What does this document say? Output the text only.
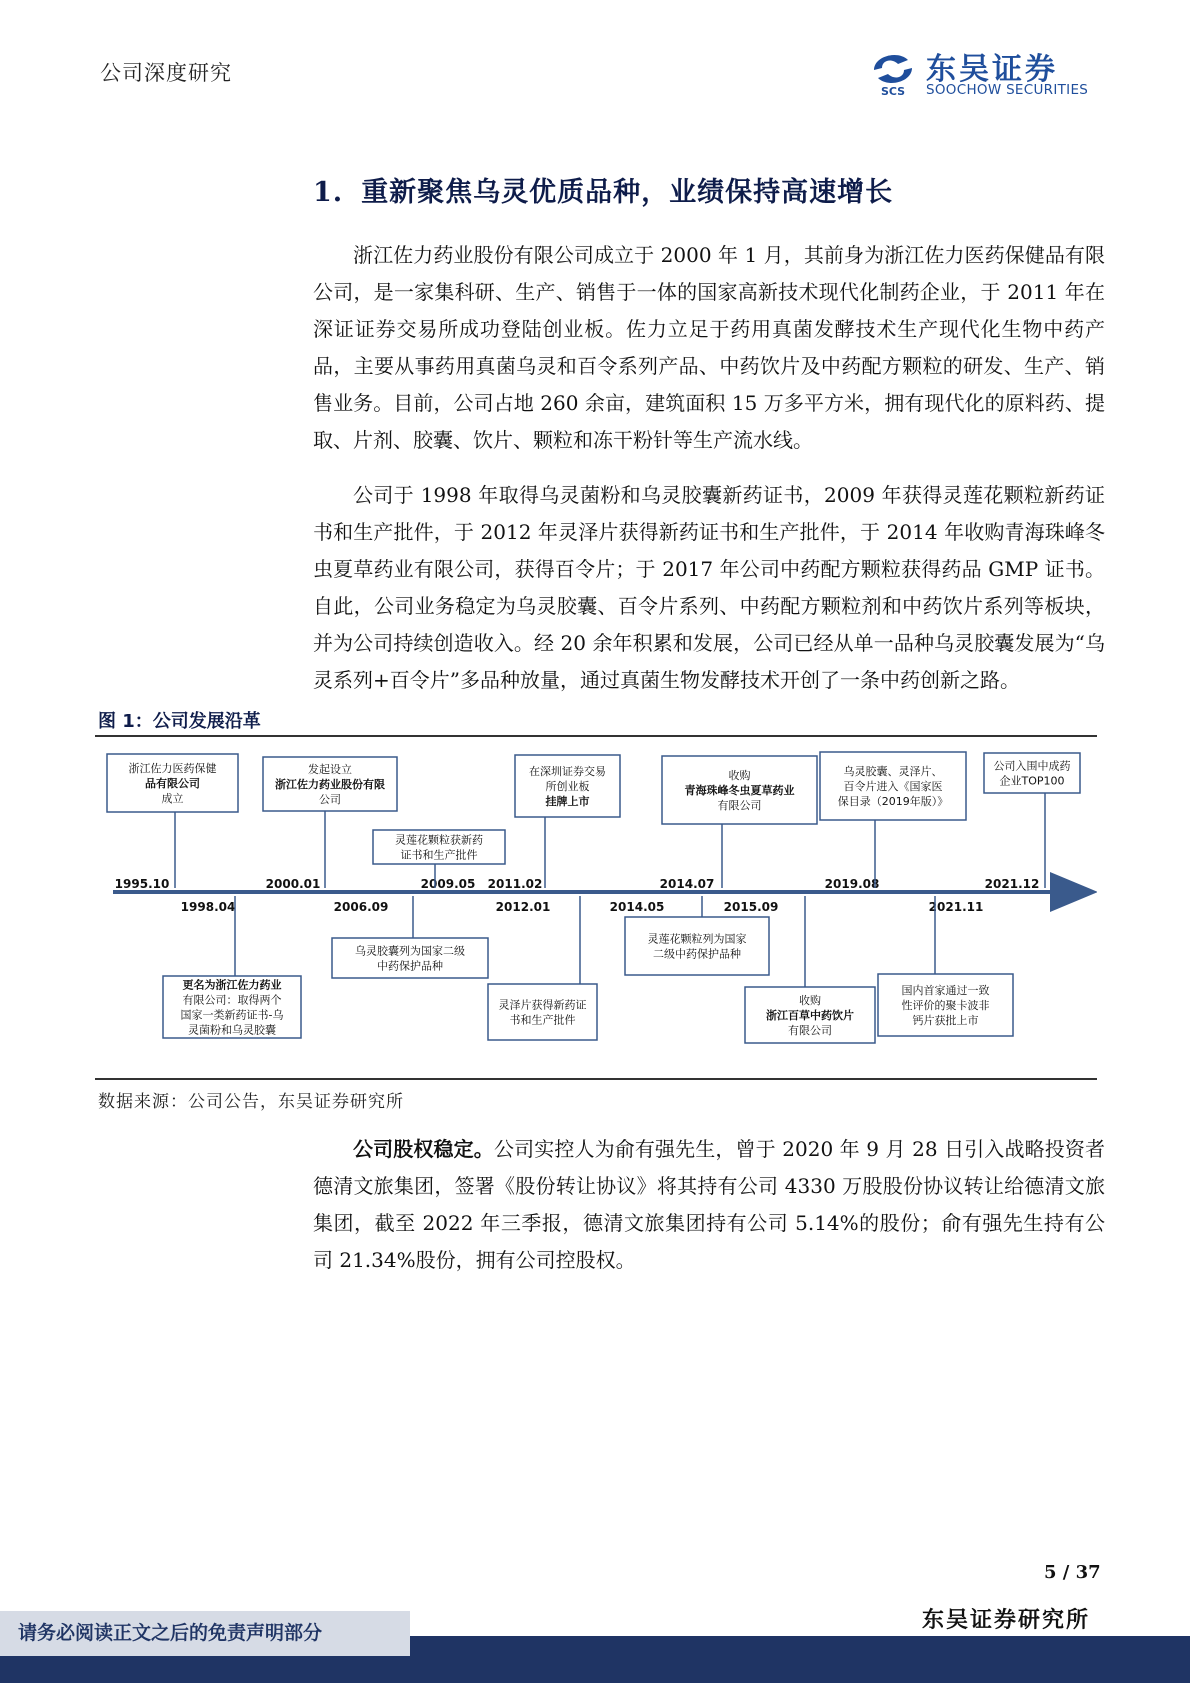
公司深度研究
SCS
东吴证券
SOOCHOW SECURITIES
1. 重新聚焦乌灵优质品种，业绩保持高速增长
浙江佐力药业股份有限公司成立于 2000 年 1 月，其前身为浙江佐力医药保健品有限公司，是一家集科研、生产、销售于一体的国家高新技术现代化制药企业，于 2011 年在深证证券交易所成功登陆创业板。佐力立足于药用真菌发酵技术生产现代化生物中药产品，主要从事药用真菌乌灵和百令系列产品、中药饮片及中药配方颗粒的研发、生产、销售业务。目前，公司占地 260 余亩，建筑面积 15 万多平方米，拥有现代化的原料药、提取、片剂、胶囊、饮片、颗粒和冻干粉针等生产流水线。
公司于 1998 年取得乌灵菌粉和乌灵胶囊新药证书，2009 年获得灵莲花颗粒新药证书和生产批件，于 2012 年灵泽片获得新药证书和生产批件，于 2014 年收购青海珠峰冬虫夏草药业有限公司，获得百令片；于 2017 年公司中药配方颗粒获得药品 GMP 证书。自此，公司业务稳定为乌灵胶囊、百令片系列、中药配方颗粒剂和中药饮片系列等板块，并为公司持续创造收入。经 20 余年积累和发展，公司已经从单一品种乌灵胶囊发展为“乌灵系列+百令片”多品种放量，通过真菌生物发酵技术开创了一条中药创新之路。
图 1：公司发展沿革
1995.10	2000.01	2009.05 2011.02	2014.07	2019.08	2021.12
1998.04	2006.09	2012.01	2014.05	2015.09	2021.11
浙江佐力医药保健
品有限公司
成立
发起设立
浙江佐力药业股份有限
公司
灵莲花颗粒获新药
证书和生产批件
在深圳证券交易
所创业板
挂牌上市
收购
青海珠峰冬虫夏草药业
有限公司
乌灵胶囊、灵泽片、
百令片进入《国家医
保目录（2019年版）》
公司入围中成药
企业TOP100
更名为浙江佐力药业
有限公司：取得两个
国家一类新药证书-乌
灵菌粉和乌灵胶囊
乌灵胶囊列为国家二级
中药保护品种
灵泽片获得新药证
书和生产批件
灵莲花颗粒列为国家
二级中药保护品种
收购
浙江百草中药饮片
有限公司
国内首家通过一致
性评价的聚卡波非
钙片获批上市
数据来源：公司公告，东吴证券研究所
公司股权稳定。公司实控人为俞有强先生，曾于 2020 年 9 月 28 日引入战略投资者德清文旅集团，签署《股份转让协议》将其持有公司 4330 万股股份协议转让给德清文旅集团，截至 2022 年三季报，德清文旅集团持有公司 5.14%的股份；俞有强先生持有公司 21.34%股份，拥有公司控股权。
5 / 37
东吴证券研究所
请务必阅读正文之后的免责声明部分
